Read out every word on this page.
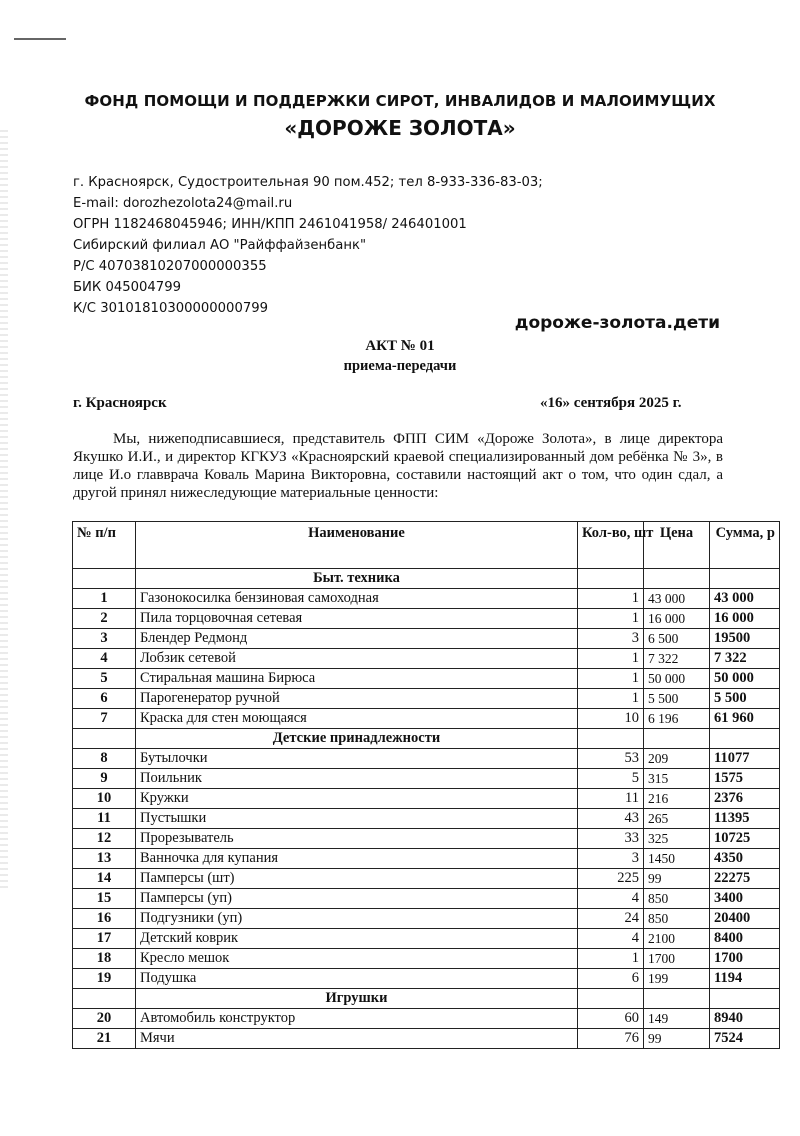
ФОНД ПОМОЩИ И ПОДДЕРЖКИ СИРОТ, ИНВАЛИДОВ И МАЛОИМУЩИХ
«ДОРОЖЕ ЗОЛОТА»
г. Красноярск, Судостроительная 90 пом.452; тел 8-933-336-83-03;
E-mail: dorozhezolota24@mail.ru
ОГРН 1182468045946; ИНН/КПП 2461041958/ 246401001
Сибирский филиал АО "Райффайзенбанк"
Р/С 40703810207000000355
БИК 045004799
К/С 30101810300000000799
дороже-золота.дети
АКТ № 01
приема-передачи
г. Красноярск	«16» сентября 2025 г.
Мы, нижеподписавшиеся, представитель ФПП СИМ «Дороже Золота», в лице директора Якушко И.И., и директор КГКУЗ «Красноярский краевой специализированный дом ребёнка № 3», в лице И.о главврача Коваль Марина Викторовна, составили настоящий акт о том, что один сдал, а другой принял нижеследующие материальные ценности:
№ п/п	Наименование	Кол-во, шт	Цена	Сумма, р
	Быт. техника			
1	Газонокосилка бензиновая самоходная	1	43 000	43 000
2	Пила торцовочная сетевая	1	16 000	16 000
3	Блендер Редмонд	3	6 500	19500
4	Лобзик сетевой	1	7 322	7 322
5	Стиральная машина Бирюса	1	50 000	50 000
6	Парогенератор ручной	1	5 500	5 500
7	Краска для стен моющаяся	10	6 196	61 960
	Детские принадлежности			
8	Бутылочки	53	209	11077
9	Поильник	5	315	1575
10	Кружки	11	216	2376
11	Пустышки	43	265	11395
12	Прорезыватель	33	325	10725
13	Ванночка для купания	3	1450	4350
14	Памперсы (шт)	225	99	22275
15	Памперсы (уп)	4	850	3400
16	Подгузники (уп)	24	850	20400
17	Детский коврик	4	2100	8400
18	Кресло мешок	1	1700	1700
19	Подушка	6	199	1194
	Игрушки			
20	Автомобиль конструктор	60	149	8940
21	Мячи	76	99	7524
